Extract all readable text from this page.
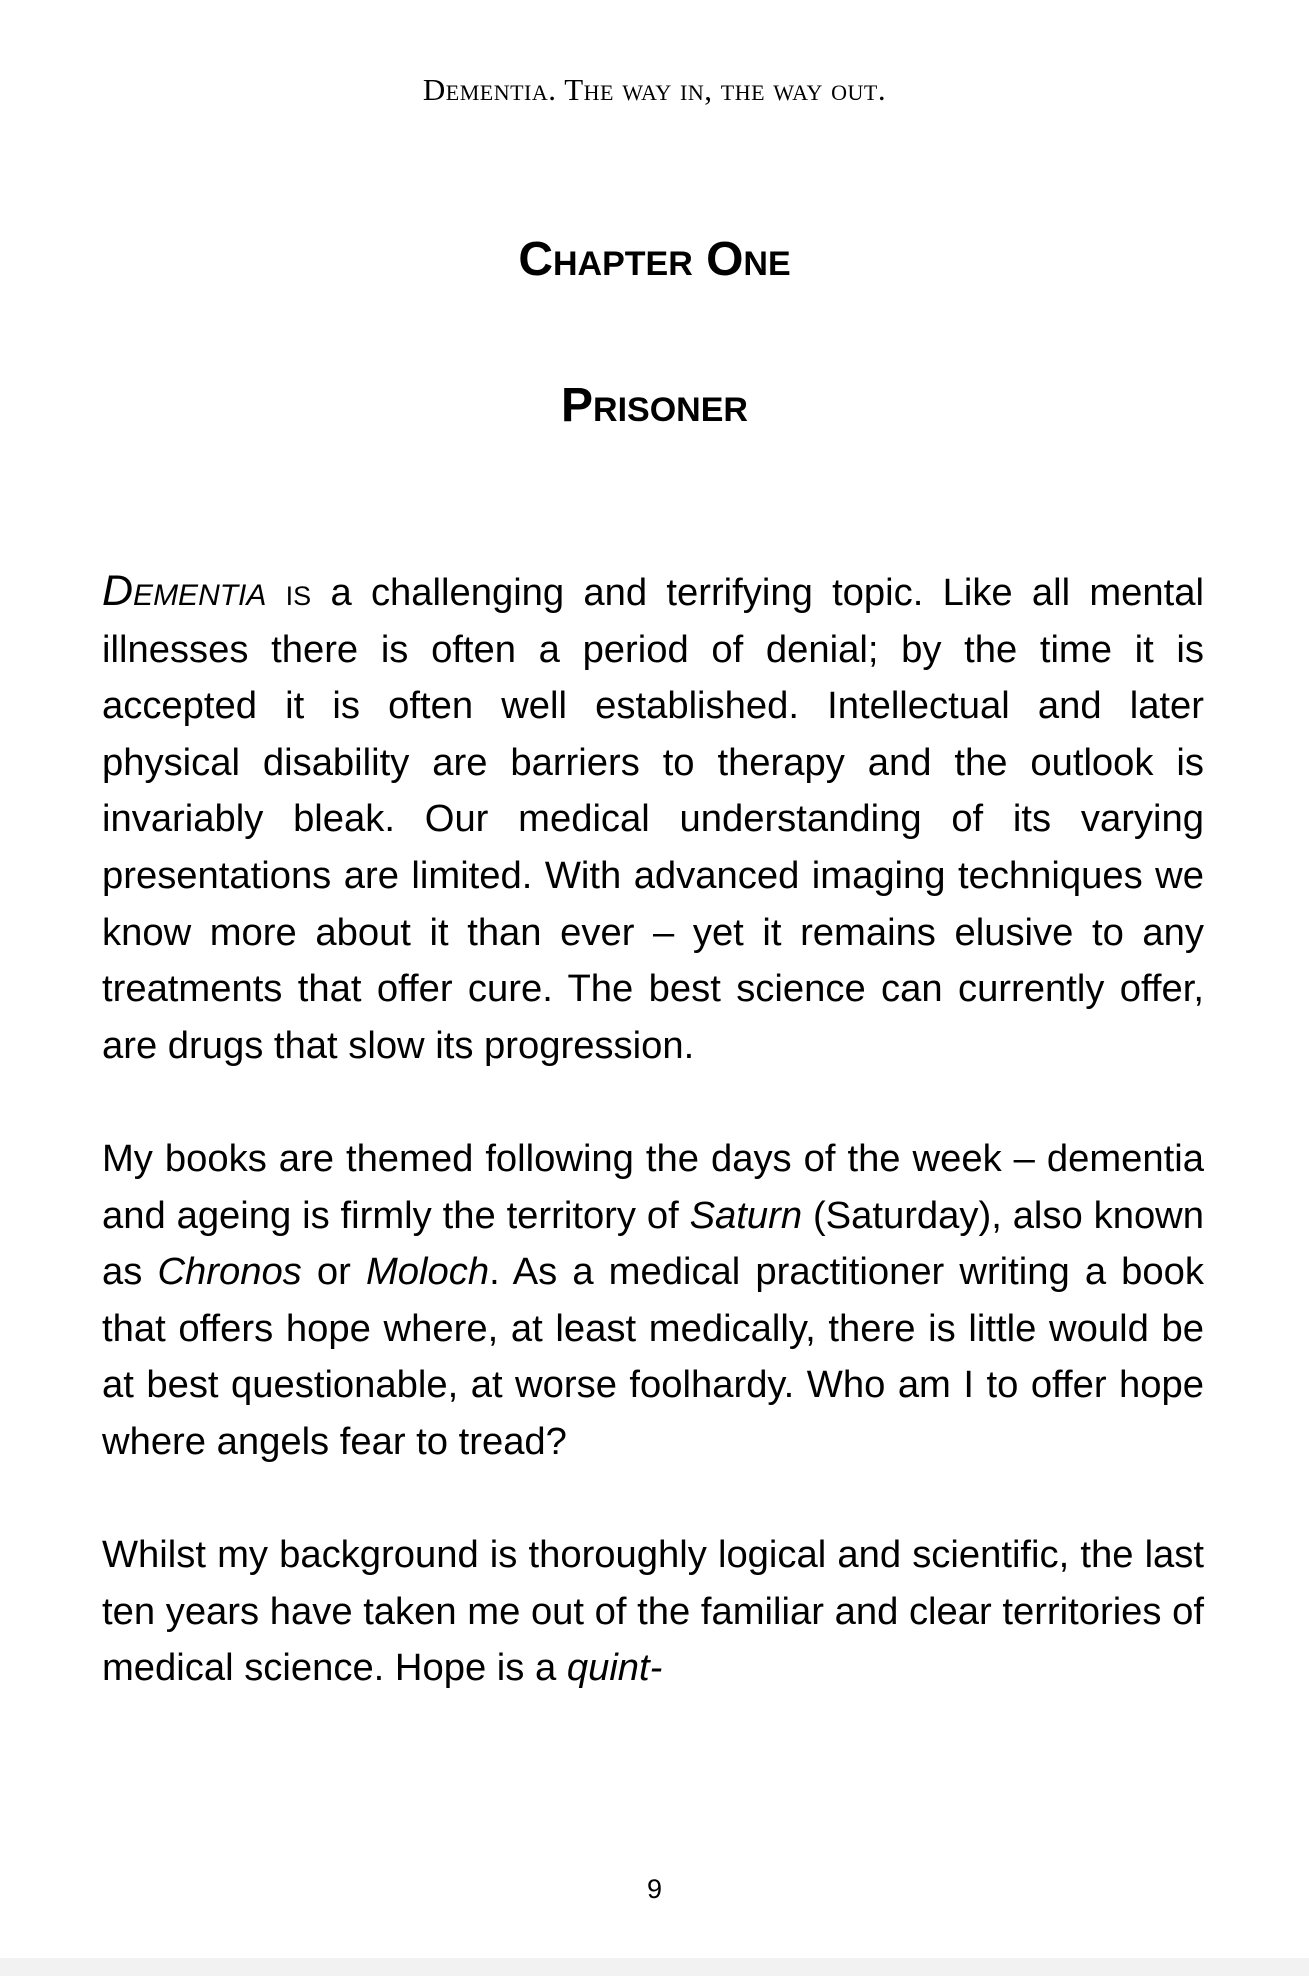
Dementia. The way in, the way out.
Chapter One
Prisoner

Dementia is a challenging and terrifying topic. Like all mental illnesses there is often a period of denial; by the time it is accepted it is often well established. Intellectual and later physical disability are barriers to therapy and the outlook is invariably bleak. Our medical understanding of its varying presentations are limited. With advanced imaging techniques we know more about it than ever – yet it remains elusive to any treatments that offer cure. The best science can currently offer, are drugs that slow its progression.

My books are themed following the days of the week – dementia and ageing is firmly the territory of Saturn (Saturday), also known as Chronos or Moloch. As a medical practitioner writing a book that offers hope where, at least medically, there is little would be at best questionable, at worse foolhardy. Who am I to offer hope where angels fear to tread?

Whilst my background is thoroughly logical and scientific, the last ten years have taken me out of the familiar and clear territories of medical science. Hope is a quint-

9
